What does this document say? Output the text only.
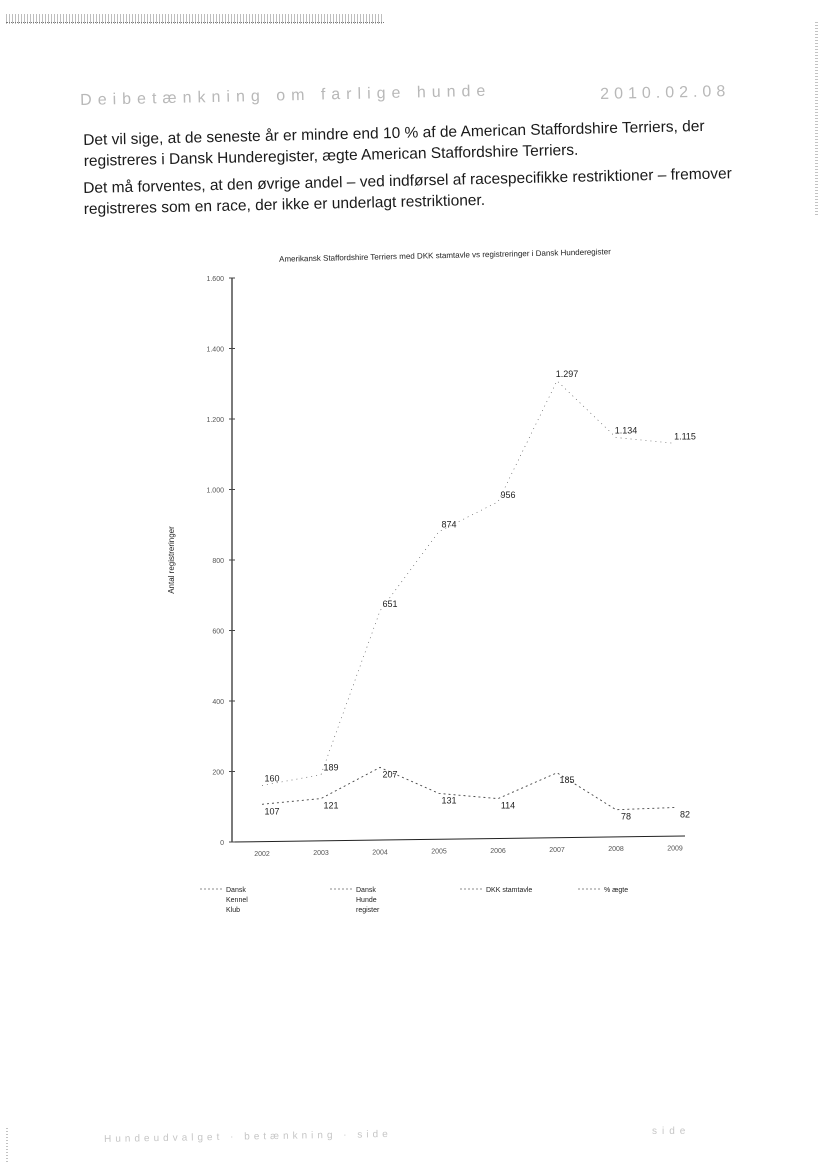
Deibetænkning om farlige hunde	2010.02.08
Det vil sige, at de seneste år er mindre end 10 % af de American Staffordshire Terriers, der registreres i Dansk Hunderegister, ægte American Staffordshire Terriers.
Det må forventes, at den øvrige andel – ved indførsel af racespecifikke restriktioner – fremover registreres som en race, der ikke er underlagt restriktioner.
Amerikansk Staffordshire Terriers med DKK stamtavle vs registreringer i Dansk Hunderegister
0
200
400
600
800
1.000
1.200
1.400
1.600
Antal registreringer
2002	2003	2004	2005	2006	2007	2008	2009
107
121
207
131
114
185
78	82
160
189
651
874
956
1.297
1.134
1.115
Dansk
Kennel
Klub
Dansk
Hunde
register
DKK stamtavle	% ægte
Hundeudvalget · betænkning · side	side
